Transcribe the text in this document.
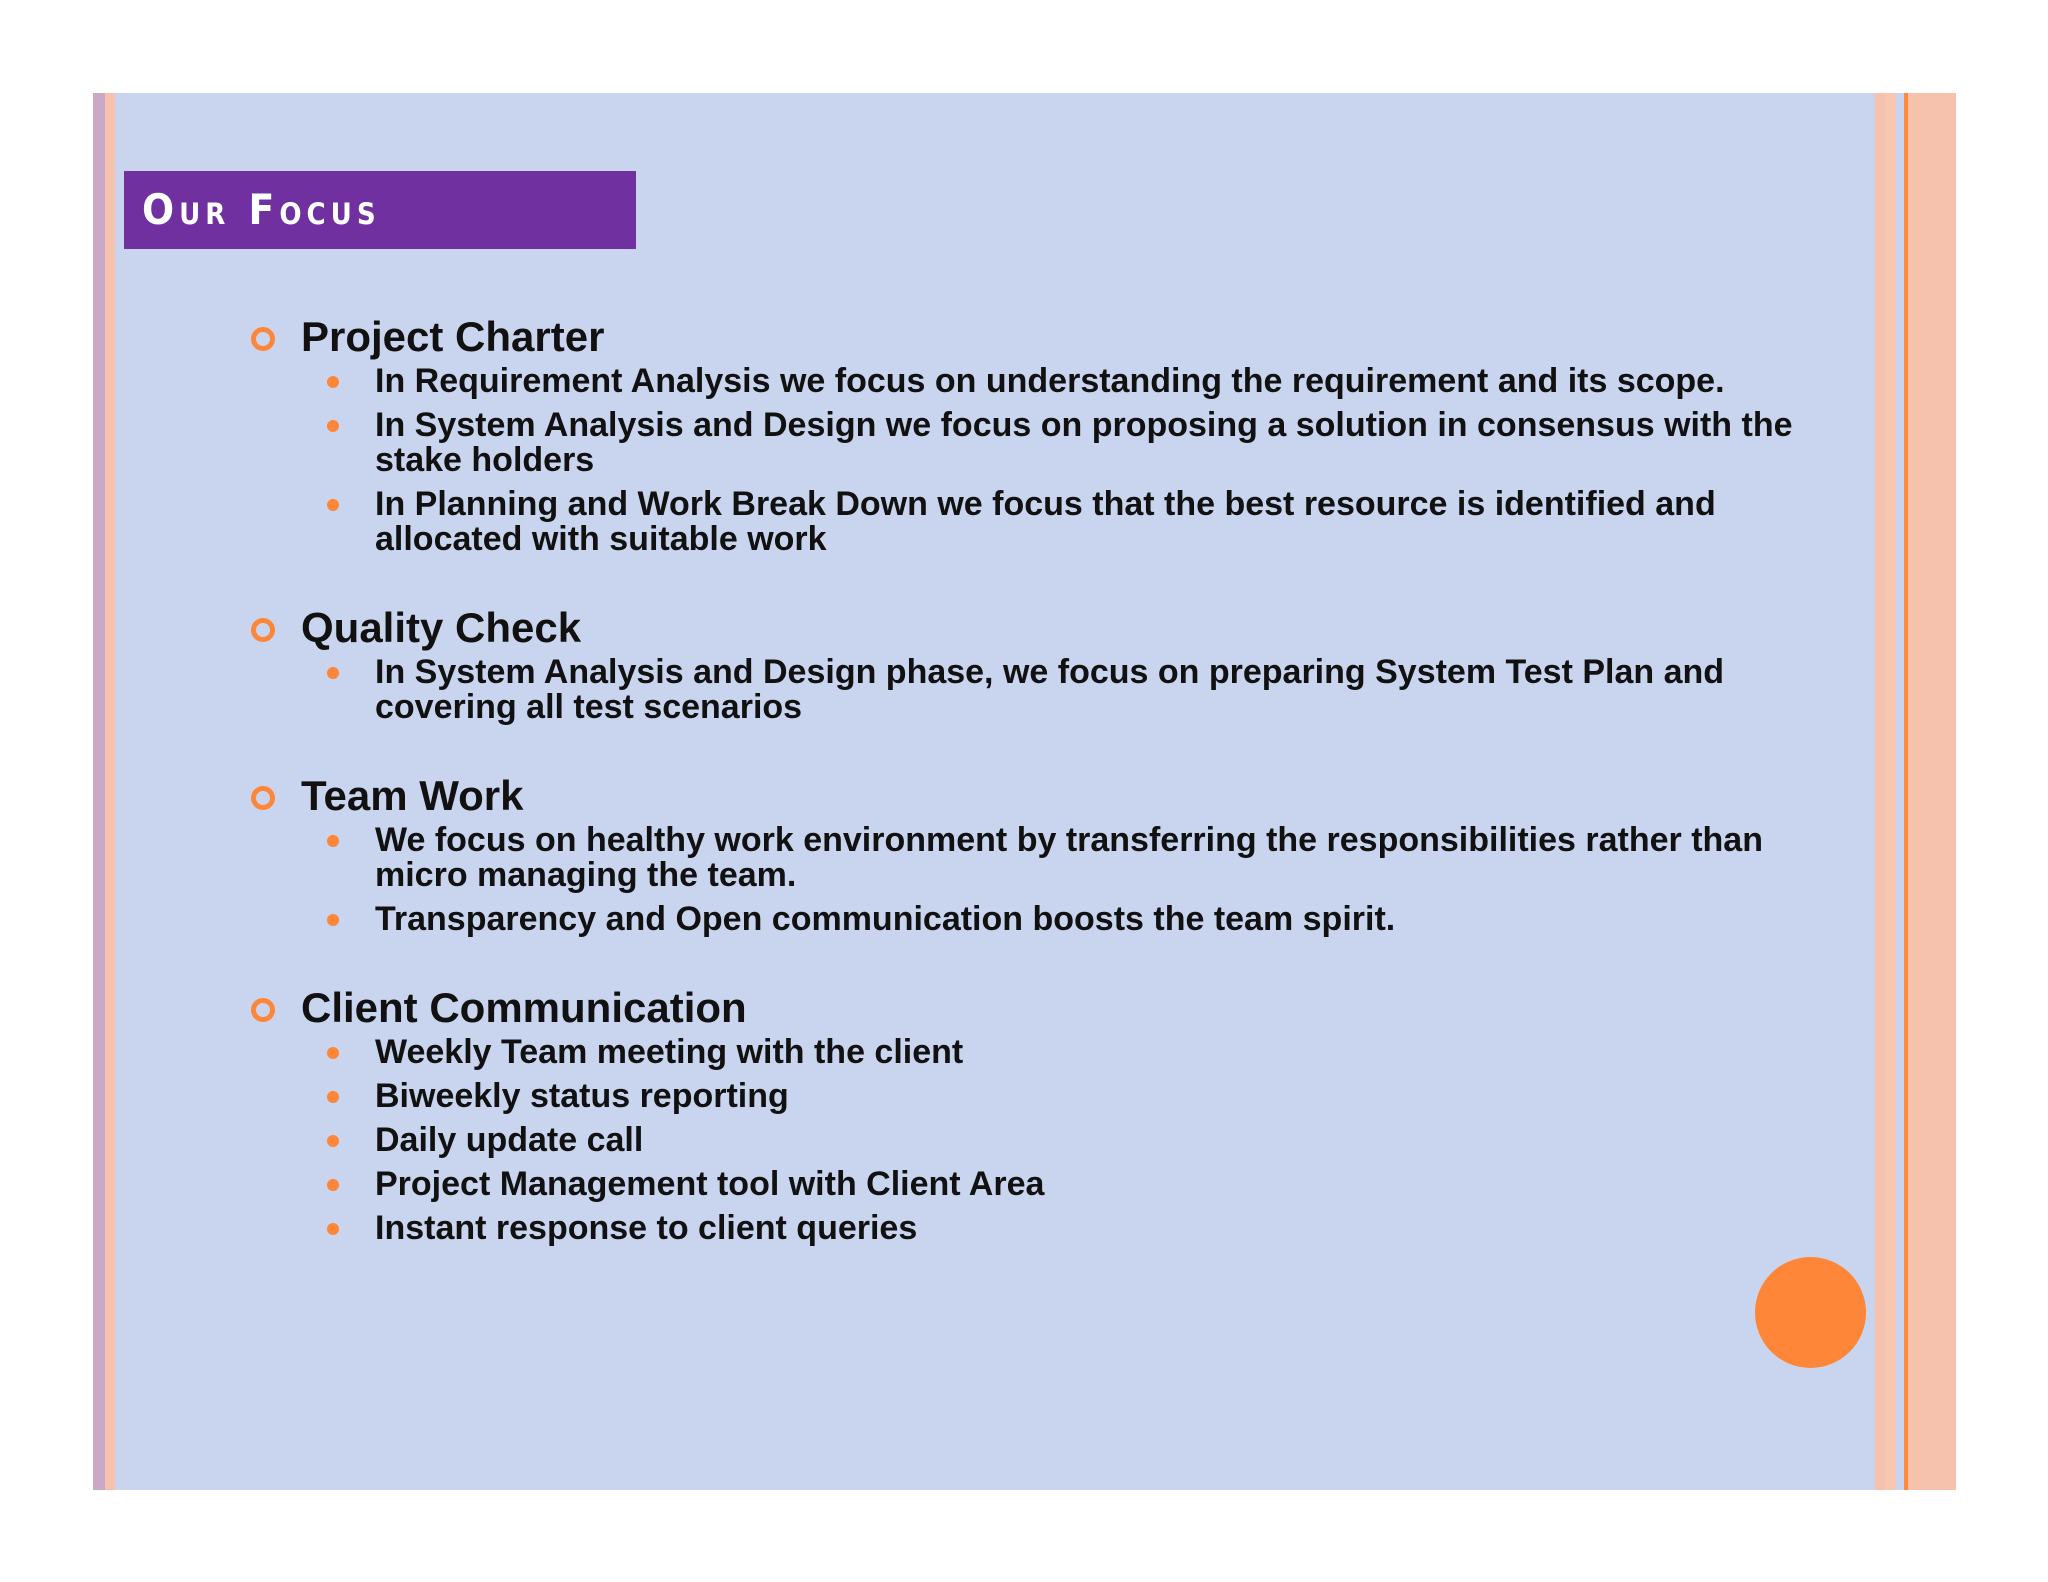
Our Focus
Project Charter
In Requirement Analysis we focus on understanding the requirement and its scope.
In System Analysis and Design we focus on proposing a solution in consensus with the stake holders
In Planning and Work Break Down we focus that the best resource is identified and allocated with suitable work
Quality Check
In System Analysis and Design phase, we focus on preparing System Test Plan and covering all test scenarios
Team Work
We focus on healthy work environment by transferring the responsibilities rather than micro managing the team.
Transparency and Open communication boosts the team spirit.
Client Communication
Weekly Team meeting with the client
Biweekly status reporting
Daily update call
Project Management tool with Client Area
Instant response to client queries
